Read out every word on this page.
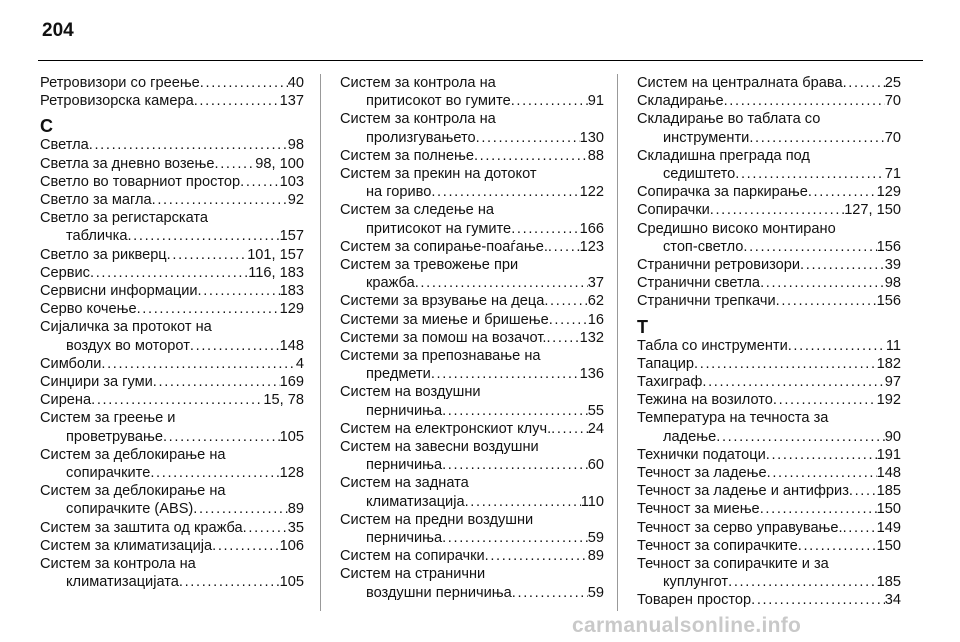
204
Ретровизори со греење . . .	40
Ретровизорска камера . . .	137
С
Светла . . .	98
Светла за дневно возење . . .	98, 100
Светло во товарниот простор . . .	103
Светло за магла . . .	92
Светло за регистарската
табличка . . .	157
Светло за рикверц . . .	101, 157
Сервис . . .	116, 183
Сервисни информации . . .	183
Серво кочење . . .	129
Сијаличка за протокот на
воздух во моторот . . .	148
Симболи . . .	4
Синџири за гуми . . .	169
Сирена . . .	15, 78
Систем за греење и
проветрување . . .	105
Систем за деблокирање на
сопирачките . . .	128
Систем за деблокирање на
сопирачките (ABS) . . .	89
Систем за заштита од кражба . . .	35
Систем за климатизација . . .	106
Систем за контрола на
климатизацијата . . .	105
Систем за контрола на
притисокот во гумите . . .	91
Систем за контрола на
пролизгувањето . . .	130
Систем за полнење . . .	88
Систем за прекин на дотокот
на гориво . . .	122
Систем за следење на
притисокот на гумите . . .	166
Систем за сопирање-поаѓање. . . . 123
Систем за тревожење при
кражба . . .	37
Системи за врзување на деца . . .	62
Системи за миење и бришење . . .	16
Системи за помош на возачот. . . . 132
Системи за препознавање на
предмети . . .	136
Систем на воздушни
перничиња . . .	55
Систем на електронскиот клуч. . . .	24
Систем на завесни воздушни
перничиња . . .	60
Систем на задната
климатизација . . .	110
Систем на предни воздушни
перничиња . . .	59
Систем на сопирачки . . .	89
Систем на странични
воздушни перничиња . . .	59
Систем на централната брава . . .	25
Складирање . . .	70
Складирање во таблата со
инструменти . . .	70
Складишна преграда под
седиштето . . .	71
Сопирачка за паркирање . . .	129
Сопирачки . . .	127, 150
Средишно високо монтирано
стоп-светло . . .	156
Странични ретровизори . . .	39
Странични светла . . .	98
Странични трепкачи . . .	156
Т
Табла со инструменти . . .	11
Тапацир . . .	182
Тахиграф . . .	97
Тежина на возилото . . .	192
Температура на течноста за
ладење . . .	90
Технички податоци . . .	191
Течност за ладење . . .	148
Течност за ладење и антифриз . . . 185
Течност за миење . . .	150
Течност за серво управување. . . . 149
Течност за сопирачките . . .	150
Течност за сопирачките и за
куплунгот . . .	185
Товарен простор . . .	34
carmanualsonline.info
